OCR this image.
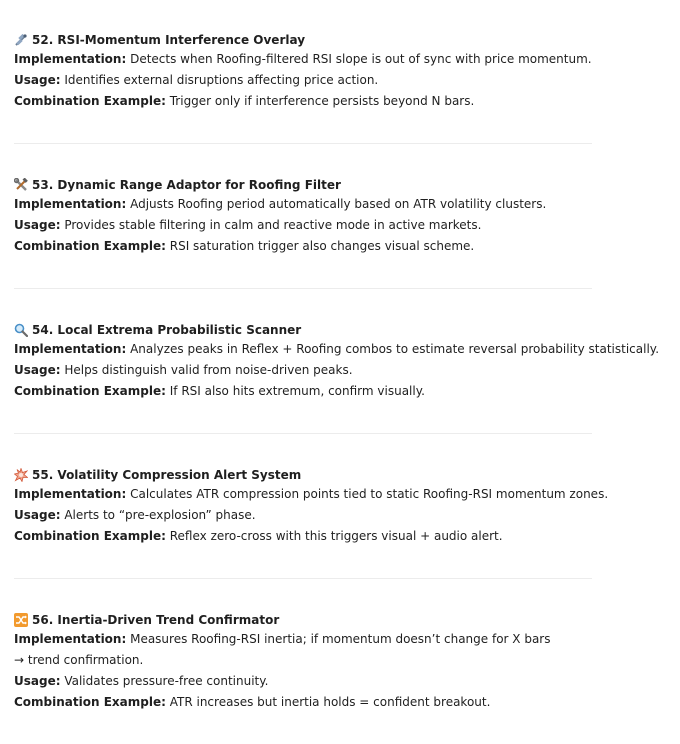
52. RSI-Momentum Interference Overlay
Implementation: Detects when Roofing-filtered RSI slope is out of sync with price momentum.
Usage: Identifies external disruptions affecting price action.
Combination Example: Trigger only if interference persists beyond N bars.
53. Dynamic Range Adaptor for Roofing Filter
Implementation: Adjusts Roofing period automatically based on ATR volatility clusters.
Usage: Provides stable filtering in calm and reactive mode in active markets.
Combination Example: RSI saturation trigger also changes visual scheme.
54. Local Extrema Probabilistic Scanner
Implementation: Analyzes peaks in Reflex + Roofing combos to estimate reversal probability statistically.
Usage: Helps distinguish valid from noise-driven peaks.
Combination Example: If RSI also hits extremum, confirm visually.
55. Volatility Compression Alert System
Implementation: Calculates ATR compression points tied to static Roofing-RSI momentum zones.
Usage: Alerts to “pre-explosion” phase.
Combination Example: Reflex zero-cross with this triggers visual + audio alert.
56. Inertia-Driven Trend Confirmator
Implementation: Measures Roofing-RSI inertia; if momentum doesn’t change for X bars → trend confirmation.
Usage: Validates pressure-free continuity.
Combination Example: ATR increases but inertia holds = confident breakout.
